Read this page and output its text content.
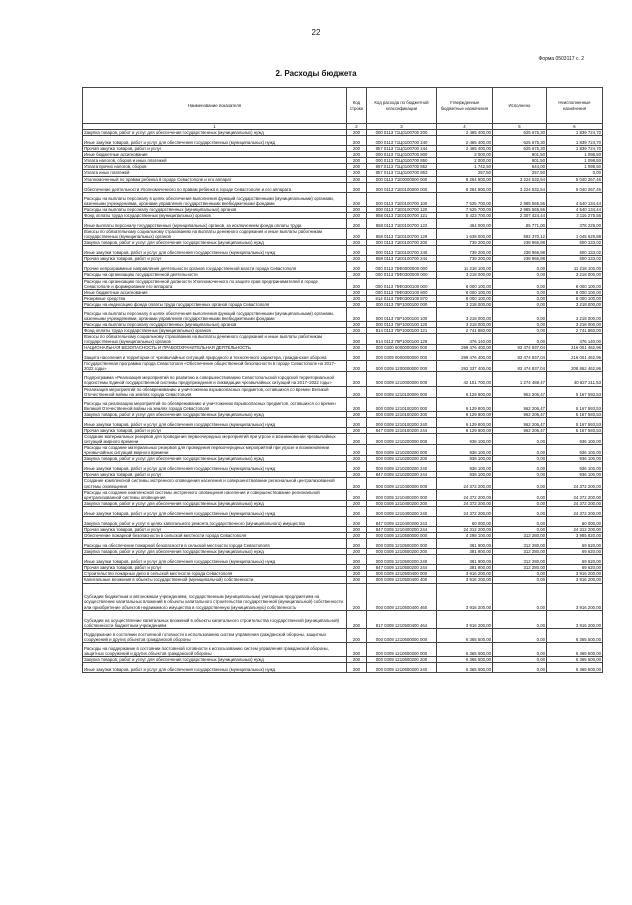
22
Форма 0503117 с. 2
2. Расходы бюджета
Наименование показателя	Код строки	Код расхода по бюджетной классификации	Утвержденные бюджетные назначения	Исполнено	Неисполненные назначения
1	2	3	4	5	6
Закупка товаров, работ и услуг для обеспечения государственных (муниципальных) нужд	200	000 0113 71Ц0100700 200	2 465 400,00	625 675,30	1 839 724,70
Иные закупки товаров, работ и услуг для обеспечения государственных (муниципальных) нужд	200	000 0113 71Ц0100700 240	2 465 400,00	625 675,30	1 839 724,70
Прочая закупка товаров, работ и услуг	200	857 0113 71Ц0100700 244	2 465 400,00	625 675,30	1 839 724,70
Иные бюджетные ассигнования	200	000 0113 71Ц0100700 800	2 000,00	901,50	1 098,50
Уплата налогов, сборов и иных платежей	200	000 0113 71Ц0100700 850	2 000,00	901,50	1 098,50
Уплата прочих налогов, сборов	200	857 0113 71Ц0100700 852	1 742,50	644,00	1 098,50
Уплата иных платежей	200	857 0113 71Ц0100700 853	257,50	257,50	0,00
Уполномоченный по правам ребенка в городе Севастополе и его аппарат	200	000 0113 71Е0000000 000	8 264 800,00	3 224 532,54	5 040 267,46
Обеспечение деятельности Уполномоченного по правам ребенка в городе Севастополе и его аппарата	200	000 0113 71Е0100000 000	8 264 800,00	3 224 532,54	5 040 267,46
Расходы на выплаты персоналу в целях обеспечения выполнения функций государственными (муниципальными) органами, казенными учреждениями, органами управления государственными внебюджетными фондами	200	000 0113 71Е0100700 100	7 525 700,00	2 985 565,56	4 540 134,44
Расходы на выплаты персоналу государственных (муниципальных) органов	200	000 0113 71Е0100700 120	7 525 700,00	2 985 565,56	4 540 134,44
Фонд оплаты труда государственных (муниципальных) органов	200	858 0113 71Е0100700 121	5 423 700,00	2 307 424,44	3 116 275,56
Иные выплаты персоналу государственных (муниципальных) органов, за исключением фонда оплаты труда	200	858 0113 71Е0100700 122	464 000,00	85 771,00	378 229,00
Взносы по обязательному социальному страхованию на выплаты денежного содержания и иные выплаты работникам государственных (муниципальных) органов	200	858 0113 71Е0100700 129	1 638 000,00	592 370,12	1 045 629,88
Закупка товаров, работ и услуг для обеспечения государственных (муниципальных) нужд	200	000 0113 71Е0100700 200	739 200,00	238 966,98	500 133,02
Иные закупки товаров, работ и услуг для обеспечения государственных (муниципальных) нужд	200	000 0113 71Е0100700 240	739 200,00	238 966,98	500 133,02
Прочая закупка товаров, работ и услуг	200	858 0113 71Е0100700 244	739 200,00	238 966,98	500 133,02
Прочие непрограммные направления деятельности органов государственной власти города Севастополя	200	000 0113 75Ф0000000 000	11 218 100,00	0,00	11 218 100,00
Расходы на организацию государственной деятельности	200	000 0113 75Ф0300000 000	3 218 000,00	0,00	3 218 000,00
Расходы на организацию государственной должности Уполномоченного по защите прав предпринимателей в городе Севастополе и формирование его аппарата	200	000 0113 75Ф0300100 000	8 000 100,00	0,00	8 000 100,00
Иные бюджетные ассигнования	200	000 0113 75Ф0300100 800	8 000 100,00	0,00	8 000 100,00
Резервные средства	200	814 0113 75Ф0300100 870	8 000 100,00	0,00	8 000 100,00
Расходы на индексацию фонда оплаты труда государственных органов города Севастополя	200	000 0113 75Р1000100 000	3 218 000,00	0,00	3 218 000,00
Расходы на выплаты персоналу в целях обеспечения выполнения функций государственными (муниципальными) органами, казенными учреждениями, органами управления государственными внебюджетными фондами	200	000 0113 75Р1000100 100	3 218 000,00	0,00	3 218 000,00
Расходы на выплаты персоналу государственных (муниципальных) органов	200	000 0113 75Р1000100 120	3 218 000,00	0,00	3 218 000,00
Фонд оплаты труда государственных (муниципальных) органов	200	814 0113 75Р1000100 121	2 741 860,00	0,00	2 741 860,00
Взносы по обязательному социальному страхованию на выплаты денежного содержания и иные выплаты работникам государственных (муниципальных) органов	200	814 0113 75Р1000100 129	476 140,00	0,00	476 140,00
НАЦИОНАЛЬНАЯ БЕЗОПАСНОСТЬ И ПРАВООХРАНИТЕЛЬНАЯ ДЕЯТЕЛЬНОСТЬ	200	000 0300 0000000000 000	299 476 400,00	83 474 937,04	216 001 462,96
Защита населения и территории от чрезвычайных ситуаций природного и техногенного характера, гражданская оборона	200	000 0309 0000000000 000	299 476 400,00	83 474 937,04	216 001 462,96
Государственная программа города Севастополя «Обеспечение общественной безопасности в городе Севастополе на 2017–2022 годы»	200	000 0309 1200000000 000	292 337 400,00	83 474 937,04	208 862 462,96
Подпрограмма «Реализация мероприятий по развитию и совершенствованию Севастопольской городской территориальной подсистемы Единой государственной системы предупреждения и ликвидации чрезвычайных ситуаций на 2017–2022 годы»	200	000 0309 1210000000 000	42 101 700,00	1 274 488,47	40 827 211,53
Реализация мероприятий по обезвреживанию и уничтожению взрывоопасных предметов, оставшихся со времен Великой Отечественной войны на землях города Севастополя	200	000 0309 1210100000 000	6 129 800,00	962 206,47	5 167 593,53
Расходы на реализацию мероприятий по обезвреживанию и уничтожению взрывоопасных предметов, оставшихся со времен Великой Отечественной войны на землях города Севастополя	200	000 0309 1210100200 000	6 129 800,00	962 206,47	5 167 593,53
Закупка товаров, работ и услуг для обеспечения государственных (муниципальных) нужд	200	000 0309 1210100200 200	6 129 800,00	962 206,47	5 167 593,53
Иные закупки товаров, работ и услуг для обеспечения государственных (муниципальных) нужд	200	000 0309 1210100200 240	6 129 800,00	962 206,47	5 167 593,53
Прочая закупка товаров, работ и услуг	200	847 0309 1210100200 244	6 129 800,00	962 206,47	5 167 593,53
Создание материальных резервов для проведения первоочередных мероприятий при угрозе и возникновении чрезвычайных ситуаций мирного времени	200	000 0309 1210200000 000	936 100,00	0,00	936 100,00
Расходы на создание материальных резервов для проведения первоочередных мероприятий при угрозе и возникновении чрезвычайных ситуаций мирного времени	200	000 0309 1210200200 000	936 100,00	0,00	936 100,00
Закупка товаров, работ и услуг для обеспечения государственных (муниципальных) нужд	200	000 0309 1210200200 200	936 100,00	0,00	936 100,00
Иные закупки товаров, работ и услуг для обеспечения государственных (муниципальных) нужд	200	000 0309 1210200200 240	936 100,00	0,00	936 100,00
Прочая закупка товаров, работ и услуг	200	847 0309 1210200200 244	936 100,00	0,00	936 100,00
Создание комплексной системы экстренного оповещения населения и совершенствование региональной централизованной системы оповещения	200	000 0309 1210400000 000	24 372 200,00	0,00	24 372 200,00
Расходы на создание комплексной системы экстренного оповещения населения и совершенствование региональной централизованной системы оповещения	200	000 0309 1210400200 000	24 372 200,00	0,00	24 372 200,00
Закупка товаров, работ и услуг для обеспечения государственных (муниципальных) нужд	200	000 0309 1210400200 200	24 372 200,00	0,00	24 372 200,00
Иные закупки товаров, работ и услуг для обеспечения государственных (муниципальных) нужд	200	000 0309 1210400200 240	24 372 200,00	0,00	24 372 200,00
Закупка товаров, работ и услуг в целях капитального ремонта государственного (муниципального) имущества	200	847 0309 1210400200 243	60 000,00	0,00	60 000,00
Прочая закупка товаров, работ и услуг	200	847 0309 1210400200 244	24 312 200,00	0,00	24 312 200,00
Обеспечение пожарной безопасности в сельской местности города Севастополя	200	000 0309 1210500000 000	4 298 100,00	312 280,00	3 985 820,00
Расходы на обеспечение пожарной безопасности в сельской местности города Севастополя	200	000 0309 1210500200 000	381 900,00	312 280,00	69 620,00
Закупка товаров, работ и услуг для обеспечения государственных (муниципальных) нужд	200	000 0309 1210500200 200	381 900,00	312 280,00	69 620,00
Иные закупки товаров, работ и услуг для обеспечения государственных (муниципальных) нужд	200	000 0309 1210500200 240	381 900,00	312 280,00	69 620,00
Прочая закупка товаров, работ и услуг	200	847 0309 1210500200 244	381 900,00	312 280,00	69 620,00
Строительство пожарных депо в сельской местности города Севастополя	200	000 0309 1210500400 000	3 916 200,00	0,00	3 916 200,00
Капитальные вложения в объекты государственной (муниципальной) собственности	200	000 0309 1210500400 400	3 916 200,00	0,00	3 916 200,00
Субсидии бюджетным и автономным учреждениям, государственным (муниципальным) унитарным предприятиям на осуществление капитальных вложений в объекты капитального строительства государственной (муниципальной) собственности или приобретение объектов недвижимого имущества в государственную (муниципальную) собственность	200	000 0309 1210500400 460	3 916 200,00	0,00	3 916 200,00
Субсидии на осуществление капитальных вложений в объекты капитального строительства государственной (муниципальной) собственности бюджетным учреждениям	200	817 0309 1210500400 464	3 916 200,00	0,00	3 916 200,00
Поддержание в состоянии постоянной готовности к использованию систем управления гражданской обороны, защитных сооружений и других объектов гражданской обороны	200	000 0309 1210600000 000	6 365 500,00	0,00	6 365 500,00
Расходы на поддержание в состоянии постоянной готовности к использованию систем управления гражданской обороны, защитных сооружений и других объектов гражданской обороны	200	000 0309 1210600200 000	6 365 500,00	0,00	6 365 500,00
Закупка товаров, работ и услуг для обеспечения государственных (муниципальных) нужд	200	000 0309 1210600200 200	6 365 500,00	0,00	6 365 500,00
Иные закупки товаров, работ и услуг для обеспечения государственных (муниципальных) нужд	200	000 0309 1210600200 240	6 365 500,00	0,00	6 365 500,00
